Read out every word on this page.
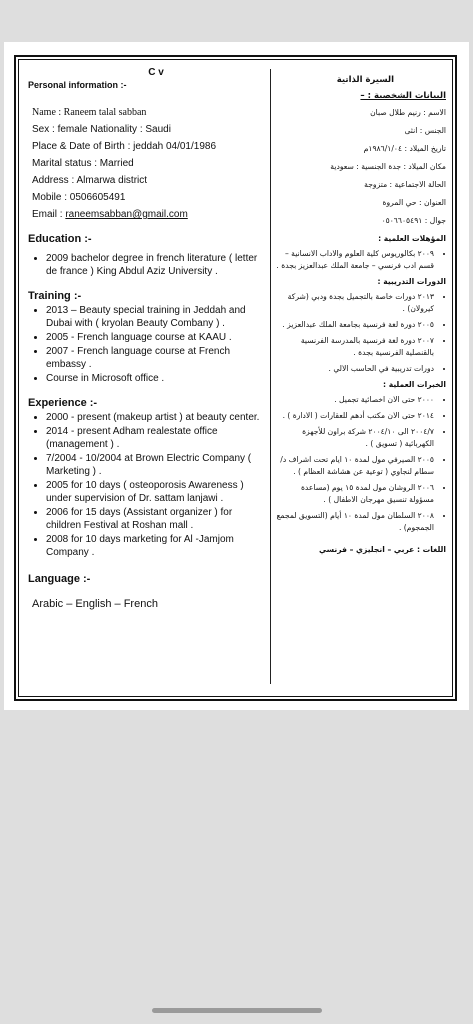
C v
Personal information :-
Name : Raneem talal sabban
Sex : female Nationality : Saudi
Place & Date of Birth : jeddah 04/01/1986
Marital status : Married
Address : Almarwa district
Mobile : 0506605491
Email : raneemsabban@gmail.com
Education :-
• 2009 bachelor degree in french literature ( letter de france ) King Abdul Aziz University .
Training :-
• 2013 – Beauty special training in Jeddah and Dubai with ( kryolan Beauty Combany ) .
• 2005 - French language course at KAAU .
• 2007 - French language course at French embassy .
• Course in Microsoft office .
Experience :-
• 2000 - present (makeup artist ) at beauty center.
• 2014 - present Adham realestate office (management ) .
• 7/2004 - 10/2004 at Brown Electric Company ( Marketing ) .
• 2005 for 10 days ( osteoporosis Awareness ) under supervision of Dr. sattam lanjawi .
• 2006 for 15 days (Assistant organizer ) for children Festival at Roshan mall .
• 2008 for 10 days marketing for Al -Jamjom Company .
Language :-
Arabic – English – French
السيرة الذاتية
البيانات الشخصية : –
الاسم : رنيم طلال صبان
الجنس : انثى
تاريخ الميلاد : ١٩٨٦/١/٠٤م
مكان الميلاد : جدة الجنسية : سعودية
الحالة الاجتماعية : متزوجة
العنوان : حي المروة
جوال : ٠٥٠٦٦٠٥٤٩١
المؤهلات العلمية :
• ٢٠٠٩ بكالوريوس كلية العلوم والاداب الانسانية – قسم ادب فرنسي – جامعة الملك عبدالعزيز بجدة .
الدورات التدريبية :
• ٢٠١٣ دورات خاصة بالتجميل بجدة ودبي (شركة كيرولان) .
• ٢٠٠٥ دورة لغة فرنسية بجامعة الملك عبدالعزيز .
• ٢٠٠٧ دورة لغة فرنسية بالمدرسة الفرنسية بالقنصلية الفرنسية بجدة .
• دورات تدريبية في الحاسب الالي .
الخبرات العملية :
• ٢٠٠٠ حتى الان اخصائية تجميل .
• ٢٠١٤ حتى الان مكتب أدهم للعقارات ( الادارة ) .
• ٢٠٠٤/٧ الى ٢٠٠٤/١٠ شركة براون للأجهزة الكهربائية ( تسويق ) .
• ٢٠٠٥ الصيرفي مول لمدة ١٠ ايام تحت اشراف د/ سطام لنجاوي ( توعية عن هشاشة العظام ) .
• ٢٠٠٦ الروشان مول لمدة ١٥ يوم (مساعدة مسؤولة تنسيق مهرجان الاطفال ) .
• ٢٠٠٨ السلطان مول لمدة ١٠ أيام (التسويق لمجمع الجمجوم) .
اللغات : عربي – انجليزي – فرنسي
